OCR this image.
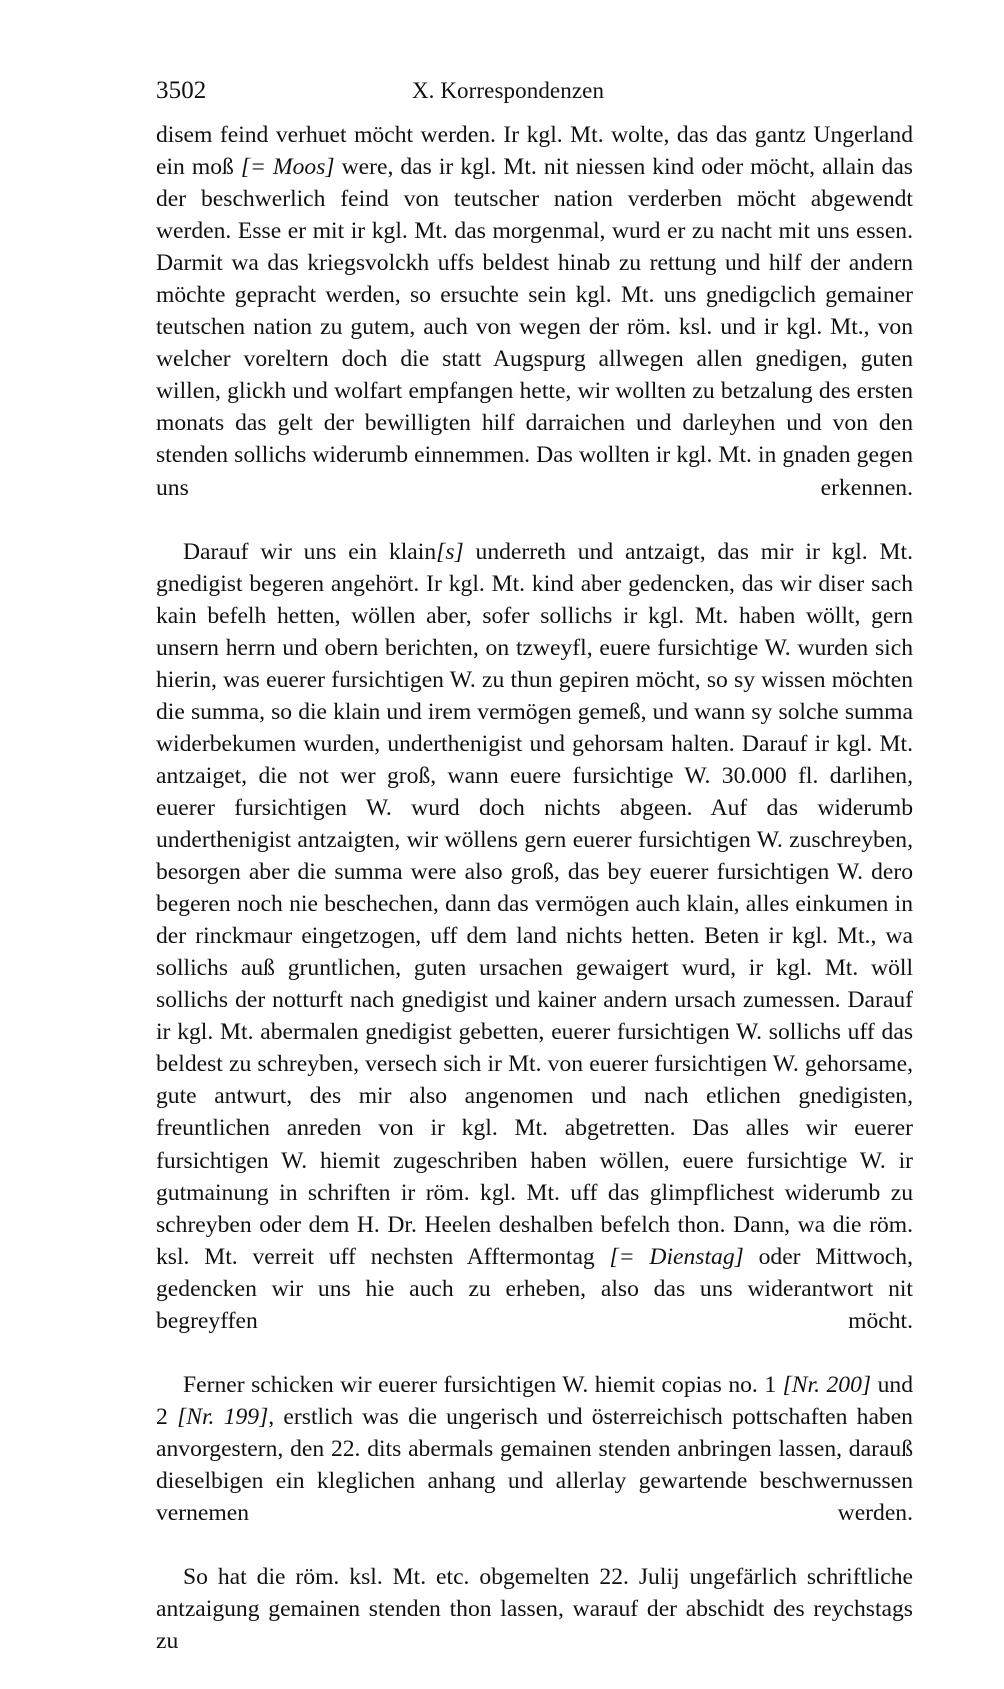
3502	X. Korrespondenzen

disem feind verhuet möcht werden. Ir kgl. Mt. wolte, das das gantz Ungerland ein moß [= Moos] were, das ir kgl. Mt. nit niessen kind oder möcht, allain das der beschwerlich feind von teutscher nation verderben möcht abgewendt werden. Esse er mit ir kgl. Mt. das morgenmal, wurd er zu nacht mit uns essen. Darmit wa das kriegsvolckh uffs beldest hinab zu rettung und hilf der andern möchte gepracht werden, so ersuchte sein kgl. Mt. uns gnedigclich gemainer teutschen nation zu gutem, auch von wegen der röm. ksl. und ir kgl. Mt., von welcher voreltern doch die statt Augspurg allwegen allen gnedigen, guten willen, glickh und wolfart empfangen hette, wir wollten zu betzalung des ersten monats das gelt der bewilligten hilf darraichen und darleyhen und von den stenden sollichs widerumb einnemmen. Das wollten ir kgl. Mt. in gnaden gegen uns erkennen.

Darauf wir uns ein klain[s] underreth und antzaigt, das mir ir kgl. Mt. gnedigist begeren angehört. Ir kgl. Mt. kind aber gedencken, das wir diser sach kain befelh hetten, wöllen aber, sofer sollichs ir kgl. Mt. haben wöllt, gern unsern herrn und obern berichten, on tzweyfl, euere fursichtige W. wurden sich hierin, was euerer fursichtigen W. zu thun gepiren möcht, so sy wissen möchten die summa, so die klain und irem vermögen gemeß, und wann sy solche summa widerbekumen wurden, underthenigist und gehorsam halten. Darauf ir kgl. Mt. antzaiget, die not wer groß, wann euere fursichtige W. 30.000 fl. darlihen, euerer fursichtigen W. wurd doch nichts abgeen. Auf das widerumb underthenigist antzaigten, wir wöllens gern euerer fursichtigen W. zuschreyben, besorgen aber die summa were also groß, das bey euerer fursichtigen W. dero begeren noch nie beschechen, dann das vermögen auch klain, alles einkumen in der rinckmaur eingetzogen, uff dem land nichts hetten. Beten ir kgl. Mt., wa sollichs auß gruntlichen, guten ursachen gewaigert wurd, ir kgl. Mt. wöll sollichs der notturft nach gnedigist und kainer andern ursach zumessen. Darauf ir kgl. Mt. abermalen gnedigist gebetten, euerer fursichtigen W. sollichs uff das beldest zu schreyben, versech sich ir Mt. von euerer fursichtigen W. gehorsame, gute antwurt, des mir also angenomen und nach etlichen gnedigisten, freuntlichen anreden von ir kgl. Mt. abgetretten. Das alles wir euerer fursichtigen W. hiemit zugeschriben haben wöllen, euere fursichtige W. ir gutmainung in schriften ir röm. kgl. Mt. uff das glimpflichest widerumb zu schreyben oder dem H. Dr. Heelen deshalben befelch thon. Dann, wa die röm. ksl. Mt. verreit uff nechsten Afftermontag [= Dienstag] oder Mittwoch, gedencken wir uns hie auch zu erheben, also das uns widerantwort nit begreyffen möcht.

Ferner schicken wir euerer fursichtigen W. hiemit copias no. 1 [Nr. 200] und 2 [Nr. 199], erstlich was die ungerisch und österreichisch pottschaften haben anvorgestern, den 22. dits abermals gemainen stenden anbringen lassen, darauß dieselbigen ein kleglichen anhang und allerlay gewartende beschwernussen vernemen werden.

So hat die röm. ksl. Mt. etc. obgemelten 22. Julij ungefärlich schriftliche antzaigung gemainen stenden thon lassen, warauf der abschidt des reychstags zu
